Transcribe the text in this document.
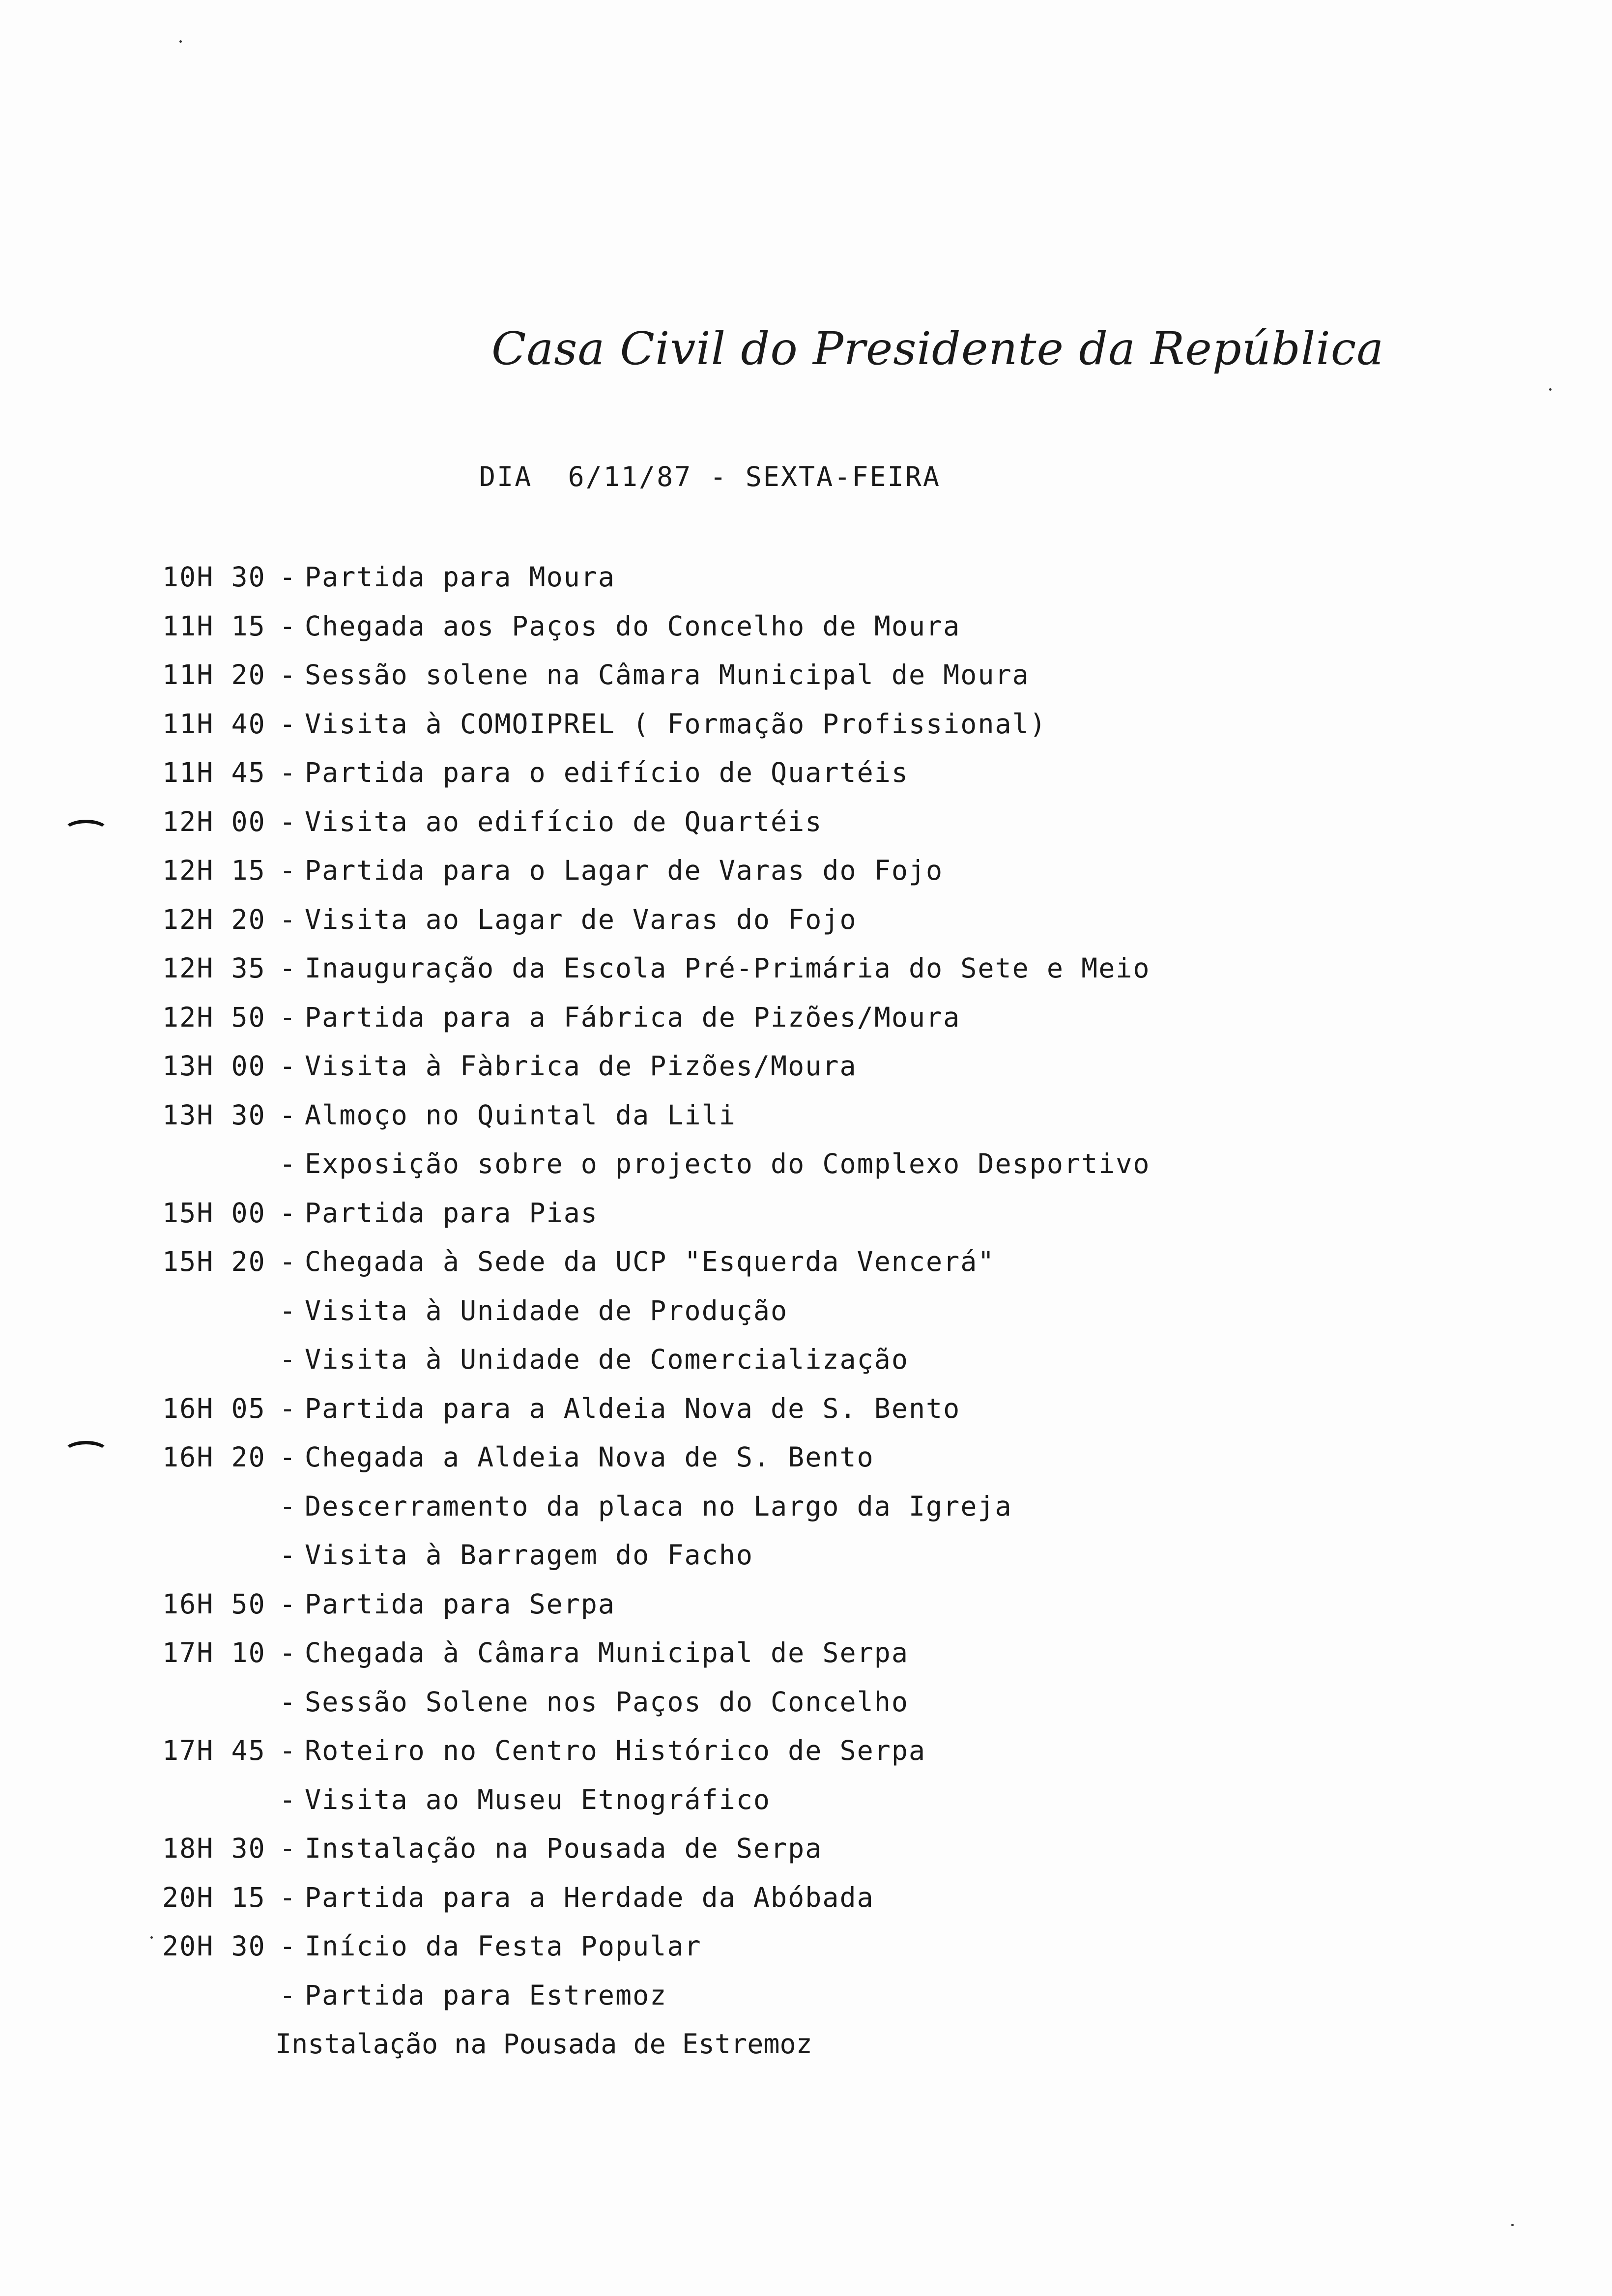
Casa Civil do Presidente da República
DIA  6/11/87 - SEXTA-FEIRA
10H 30 - Partida para Moura
11H 15 - Chegada aos Paços do Concelho de Moura
11H 20 - Sessão solene na Câmara Municipal de Moura
11H 40 - Visita à COMOIPREL ( Formação Profissional)
11H 45 - Partida para o edifício de Quartéis
12H 00 - Visita ao edifício de Quartéis
12H 15 - Partida para o Lagar de Varas do Fojo
12H 20 - Visita ao Lagar de Varas do Fojo
12H 35 - Inauguração da Escola Pré-Primária do Sete e Meio
12H 50 - Partida para a Fábrica de Pizões/Moura
13H 00 - Visita à Fàbrica de Pizões/Moura
13H 30 - Almoço no Quintal da Lili
- Exposição sobre o projecto do Complexo Desportivo
15H 00 - Partida para Pias
15H 20 - Chegada à Sede da UCP "Esquerda Vencerá"
- Visita à Unidade de Produção
- Visita à Unidade de Comercialização
16H 05 - Partida para a Aldeia Nova de S. Bento
16H 20 - Chegada a Aldeia Nova de S. Bento
- Descerramento da placa no Largo da Igreja
- Visita à Barragem do Facho
16H 50 - Partida para Serpa
17H 10 - Chegada à Câmara Municipal de Serpa
- Sessão Solene nos Paços do Concelho
17H 45 - Roteiro no Centro Histórico de Serpa
- Visita ao Museu Etnográfico
18H 30 - Instalação na Pousada de Serpa
20H 15 - Partida para a Herdade da Abóbada
20H 30 - Início da Festa Popular
- Partida para Estremoz
Instalação na Pousada de Estremoz
